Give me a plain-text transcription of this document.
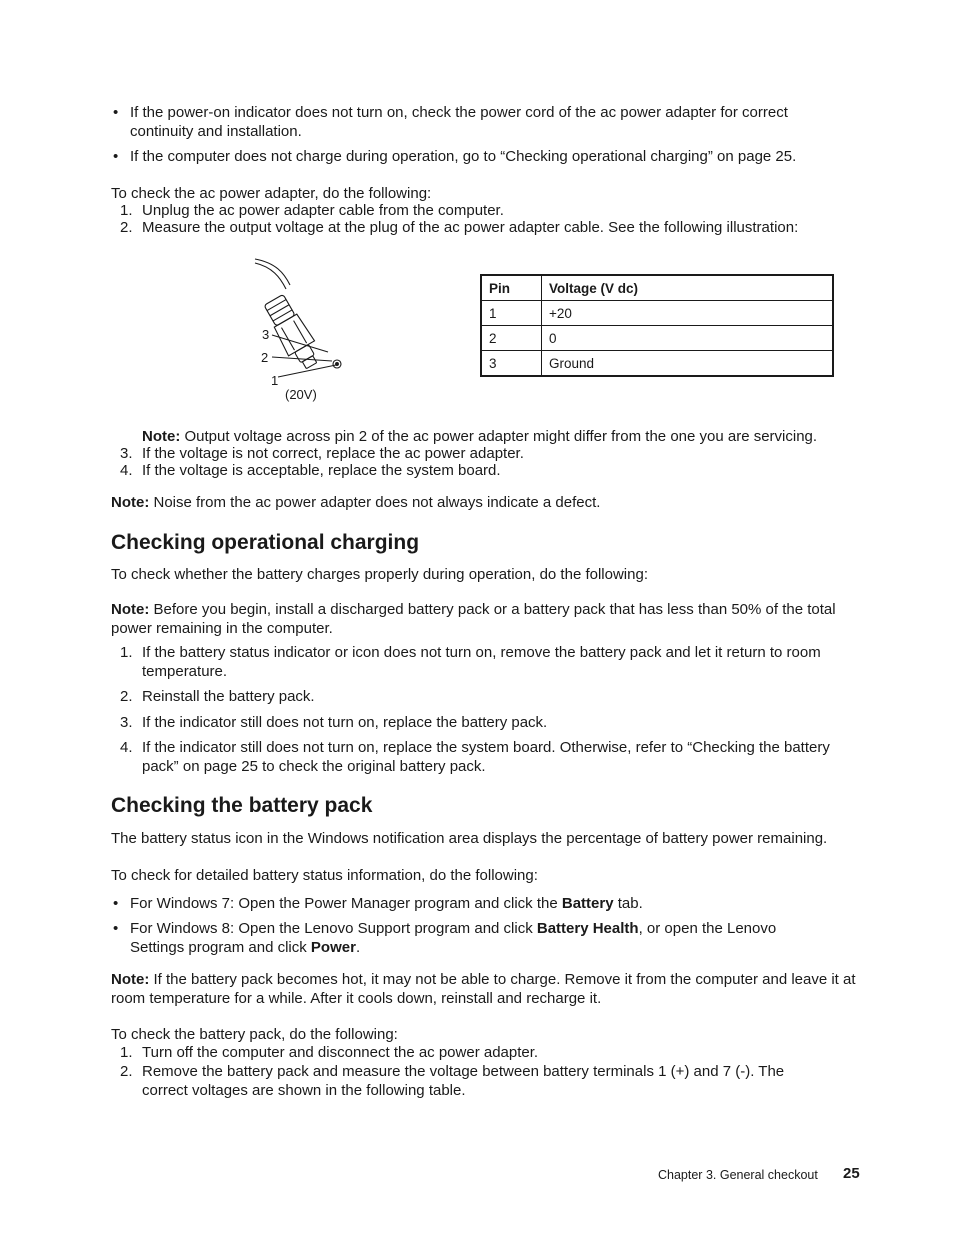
If the power-on indicator does not turn on, check the power cord of the ac power adapter for correct continuity and installation.
If the computer does not charge during operation, go to “Checking operational charging” on page 25.
To check the ac power adapter, do the following:
1. Unplug the ac power adapter cable from the computer.
2. Measure the output voltage at the plug of the ac power adapter cable. See the following illustration:
3
2
1
(20V)
Pin	Voltage (V dc)
1	+20
2	0
3	Ground
Note: Output voltage across pin 2 of the ac power adapter might differ from the one you are servicing.
3. If the voltage is not correct, replace the ac power adapter.
4. If the voltage is acceptable, replace the system board.
Note: Noise from the ac power adapter does not always indicate a defect.
Checking operational charging
To check whether the battery charges properly during operation, do the following:
Note: Before you begin, install a discharged battery pack or a battery pack that has less than 50% of the total power remaining in the computer.
1. If the battery status indicator or icon does not turn on, remove the battery pack and let it return to room temperature.
2. Reinstall the battery pack.
3. If the indicator still does not turn on, replace the battery pack.
4. If the indicator still does not turn on, replace the system board. Otherwise, refer to “Checking the battery pack” on page 25 to check the original battery pack.
Checking the battery pack
The battery status icon in the Windows notification area displays the percentage of battery power remaining.
To check for detailed battery status information, do the following:
For Windows 7: Open the Power Manager program and click the Battery tab.
For Windows 8: Open the Lenovo Support program and click Battery Health, or open the Lenovo Settings program and click Power.
Note: If the battery pack becomes hot, it may not be able to charge. Remove it from the computer and leave it at room temperature for a while. After it cools down, reinstall and recharge it.
To check the battery pack, do the following:
1. Turn off the computer and disconnect the ac power adapter.
2. Remove the battery pack and measure the voltage between battery terminals 1 (+) and 7 (-). The correct voltages are shown in the following table.
Chapter 3. General checkout 25
